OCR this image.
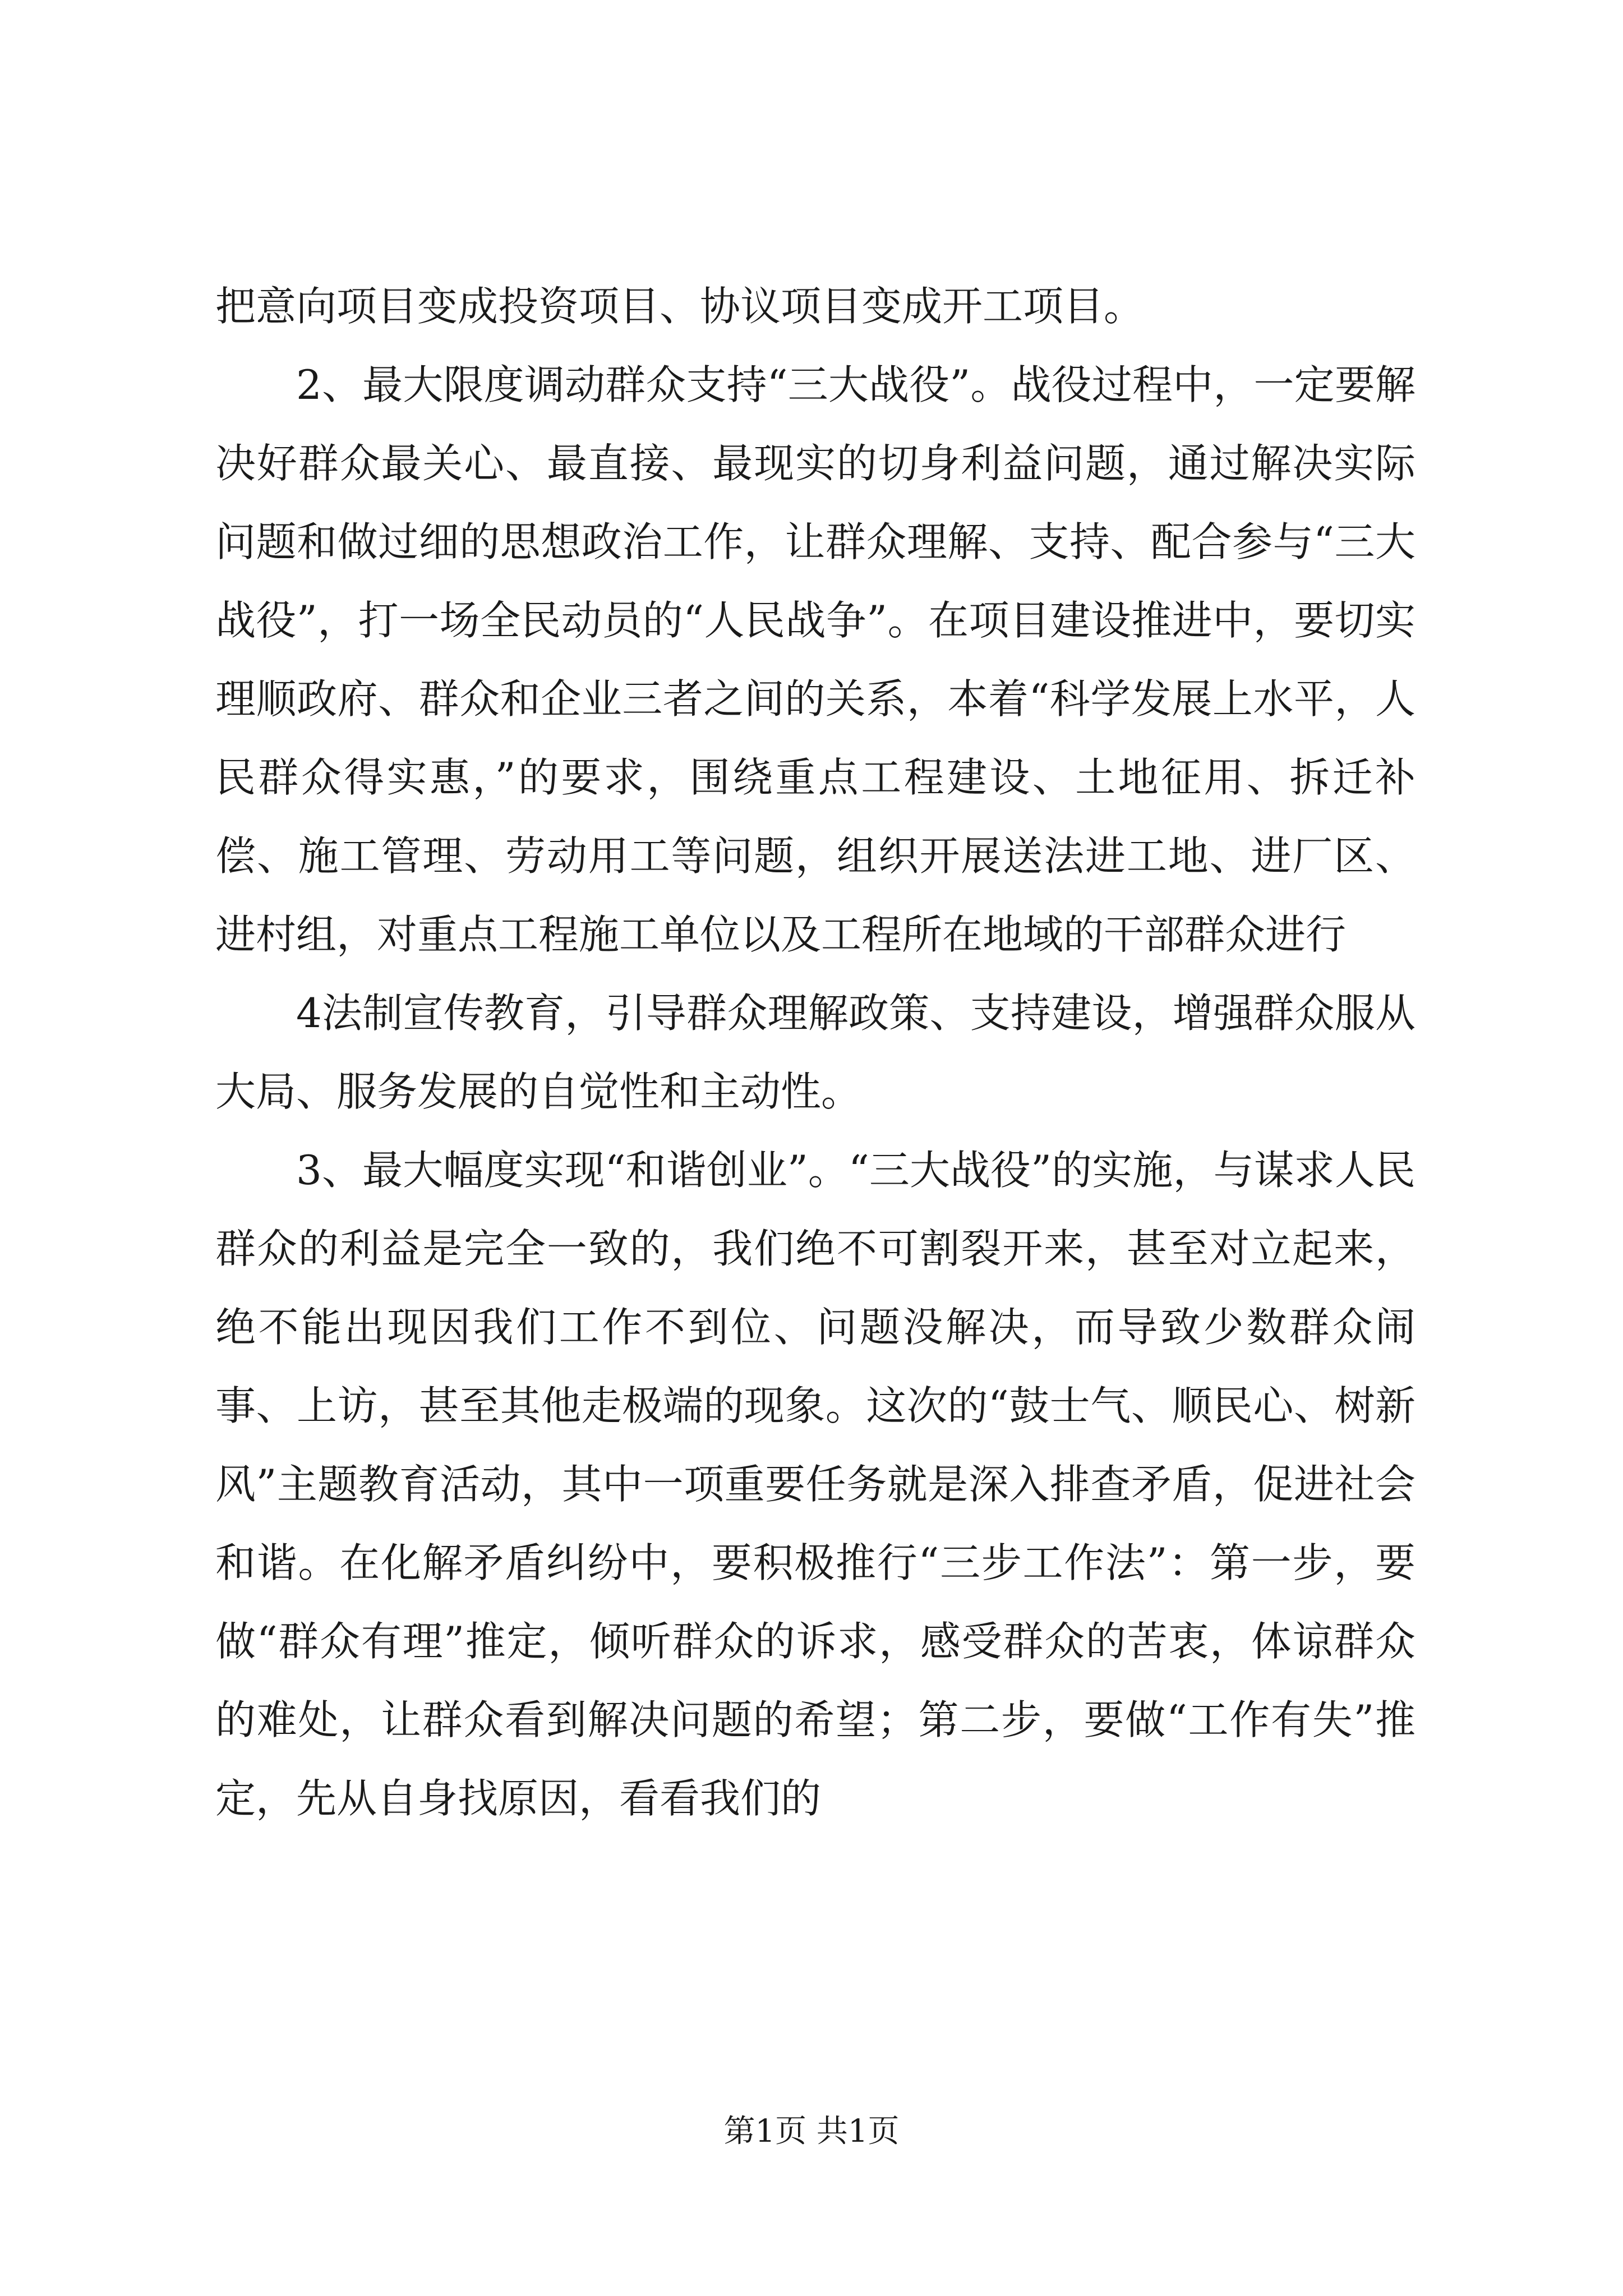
把意向项目变成投资项目、协议项目变成开工项目。

2、最大限度调动群众支持“三大战役”。战役过程中，一定要解决好群众最关心、最直接、最现实的切身利益问题，通过解决实际问题和做过细的思想政治工作，让群众理解、支持、配合参与“三大战役”，打一场全民动员的“人民战争”。在项目建设推进中，要切实理顺政府、群众和企业三者之间的关系，本着“科学发展上水平，人民群众得实惠，”的要求，围绕重点工程建设、土地征用、拆迁补偿、施工管理、劳动用工等问题，组织开展送法进工地、进厂区、进村组，对重点工程施工单位以及工程所在地域的干部群众进行

4法制宣传教育，引导群众理解政策、支持建设，增强群众服从大局、服务发展的自觉性和主动性。

3、最大幅度实现“和谐创业”。“三大战役”的实施，与谋求人民群众的利益是完全一致的，我们绝不可割裂开来，甚至对立起来，绝不能出现因我们工作不到位、问题没解决，而导致少数群众闹事、上访，甚至其他走极端的现象。这次的“鼓士气、顺民心、树新风”主题教育活动，其中一项重要任务就是深入排查矛盾，促进社会和谐。在化解矛盾纠纷中，要积极推行“三步工作法”：第一步，要做“群众有理”推定，倾听群众的诉求，感受群众的苦衷，体谅群众的难处，让群众看到解决问题的希望；第二步，要做“工作有失”推定，先从自身找原因，看看我们的

第1页 共1页
